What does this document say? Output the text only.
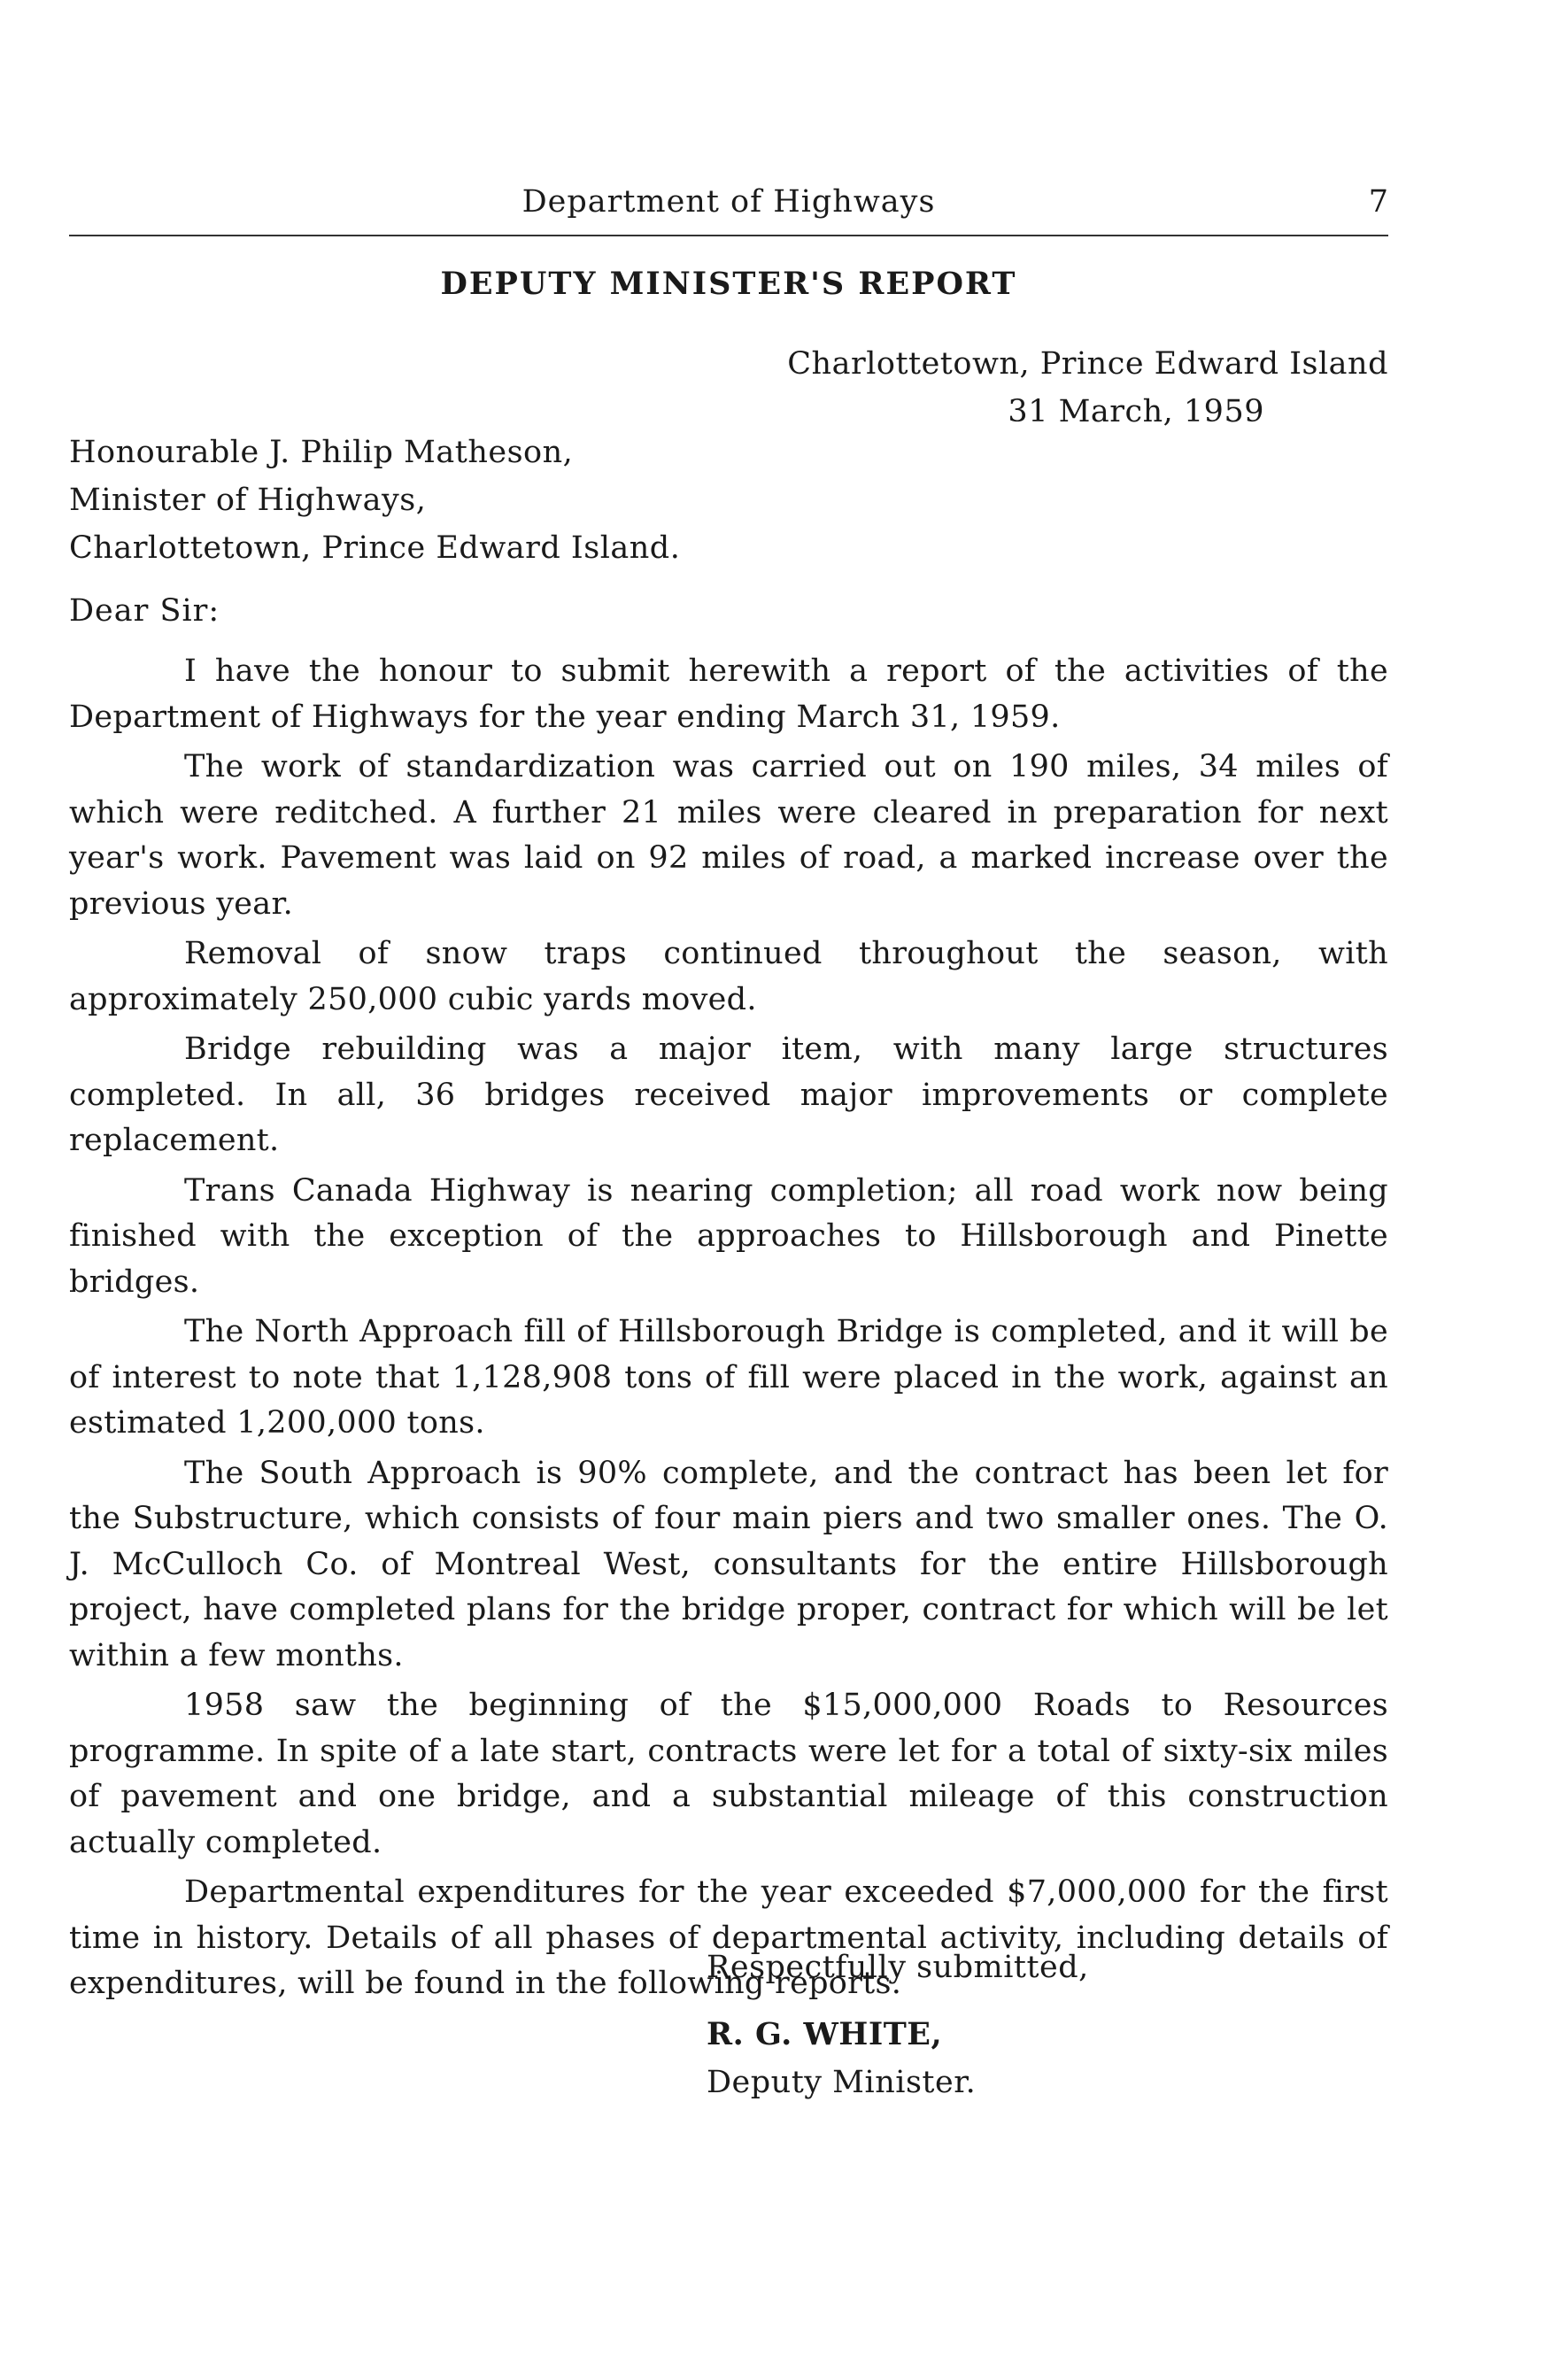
Department of Highways	7
DEPUTY MINISTER'S REPORT
Charlottetown, Prince Edward Island
31 March, 1959
Honourable J. Philip Matheson,
Minister of Highways,
Charlottetown, Prince Edward Island.
Dear Sir:

I have the honour to submit herewith a report of the activities of the Department of Highways for the year ending March 31, 1959.

The work of standardization was carried out on 190 miles, 34 miles of which were reditched. A further 21 miles were cleared in preparation for next year's work. Pavement was laid on 92 miles of road, a marked increase over the previous year.

Removal of snow traps continued throughout the season, with approximately 250,000 cubic yards moved.

Bridge rebuilding was a major item, with many large structures completed. In all, 36 bridges received major improvements or complete replacement.

Trans Canada Highway is nearing completion; all road work now being finished with the exception of the approaches to Hillsborough and Pinette bridges.

The North Approach fill of Hillsborough Bridge is completed, and it will be of interest to note that 1,128,908 tons of fill were placed in the work, against an estimated 1,200,000 tons.

The South Approach is 90% complete, and the contract has been let for the Substructure, which consists of four main piers and two smaller ones. The O. J. McCulloch Co. of Montreal West, consultants for the entire Hillsborough project, have completed plans for the bridge proper, contract for which will be let within a few months.

1958 saw the beginning of the $15,000,000 Roads to Resources programme. In spite of a late start, contracts were let for a total of sixty-six miles of pavement and one bridge, and a substantial mileage of this construction actually completed.

Departmental expenditures for the year exceeded $7,000,000 for the first time in history. Details of all phases of departmental activity, including details of expenditures, will be found in the following reports.

Respectfully submitted,
R. G. WHITE,
Deputy Minister.
